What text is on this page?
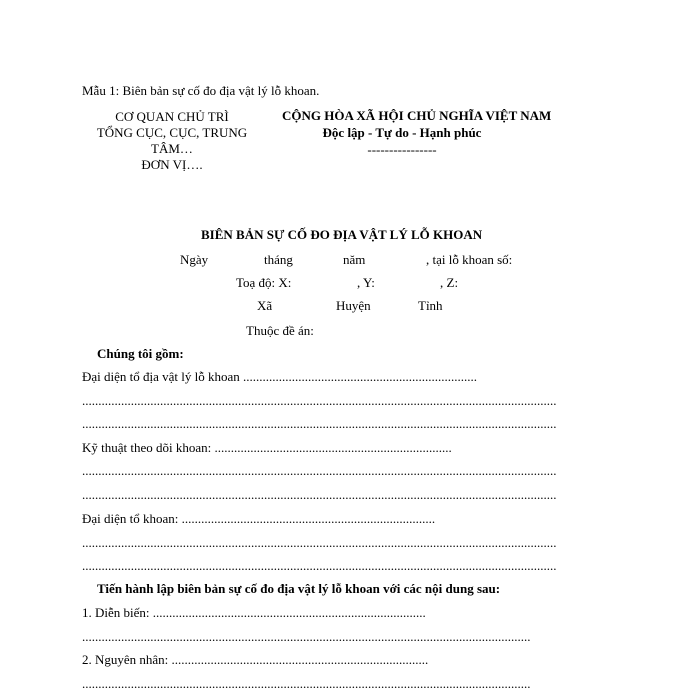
Mẫu 1: Biên bản sự cố đo địa vật lý lỗ khoan.
CƠ QUAN CHỦ TRÌ
TỔNG CỤC, CỤC, TRUNG
TÂM…
ĐƠN VỊ….
CỘNG HÒA XÃ HỘI CHỦ NGHĨA VIỆT NAM
Độc lập - Tự do - Hạnh phúc
----------------
BIÊN BẢN SỰ CỐ ĐO ĐỊA VẬT LÝ LỖ KHOAN
Ngày	tháng	năm	, tại lỗ khoan số:
Toạ độ: X:	, Y:	, Z:
Xã	Huyện	Tỉnh
Thuộc đề án:
Chúng tôi gồm:
Đại diện tổ địa vật lý lỗ khoan ........................................................................
..................................................................................................................................................
..................................................................................................................................................
Kỹ thuật theo dõi khoan: .........................................................................
..................................................................................................................................................
..................................................................................................................................................
Đại diện tổ khoan: ..............................................................................
..................................................................................................................................................
..................................................................................................................................................
Tiến hành lập biên bản sự cố đo địa vật lý lỗ khoan với các nội dung sau:
1. Diễn biến: ....................................................................................
..........................................................................................................................................
2. Nguyên nhân: ...............................................................................
..........................................................................................................................................
